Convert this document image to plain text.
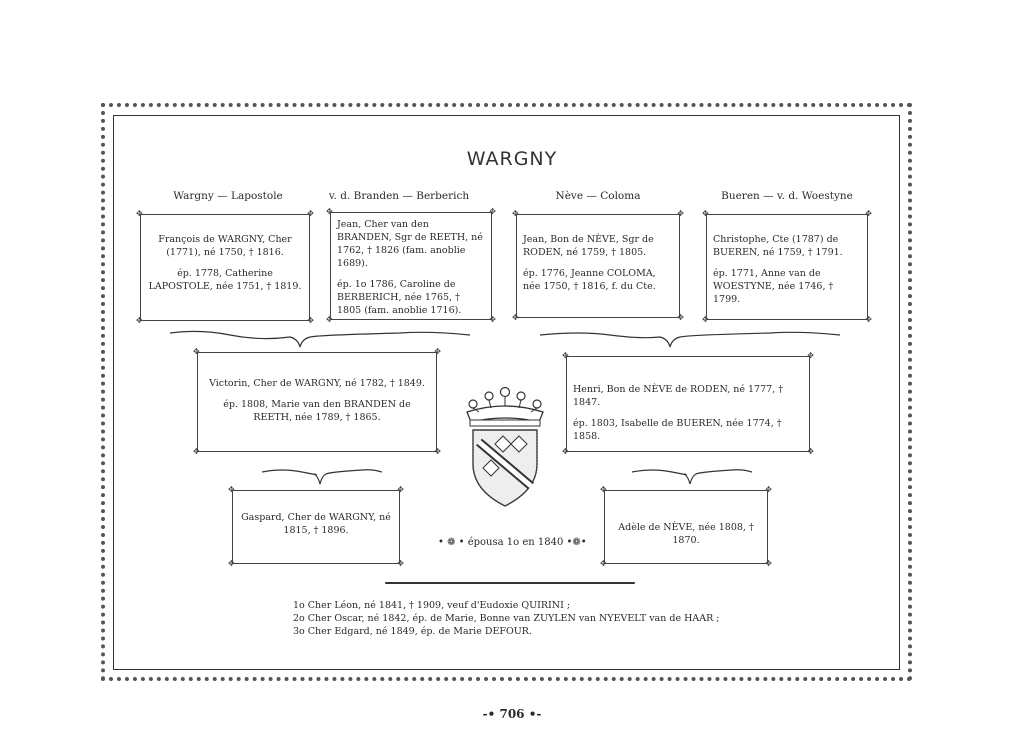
WARGNY
Wargny — Lapostole	v. d. Branden — Berberich	Nève — Coloma	Bueren — v. d. Woestyne
✥	✥
✥	✥

François de WARGNY, Cher (1771), né 1750, † 1816.

ép. 1778, Catherine LAPOSTOLE, née 1751, † 1819.

✥	✥
✥	✥

Jean, Cher van den BRANDEN, Sgr de REETH, né 1762, † 1826 (fam. anoblie 1689).

ép. 1o 1786, Caroline de BERBERICH, née 1765, † 1805 (fam. anoblie 1716).

✥	✥
✥	✥

Jean, Bon de NÈVE, Sgr de RODEN, né 1759, † 1805.

ép. 1776, Jeanne COLOMA, née 1750, † 1816, f. du Cte.

✥	✥
✥	✥

Christophe, Cte (1787) de BUEREN, né 1759, † 1791.

ép. 1771, Anne van de WOESTYNE, née 1746, † 1799.

✥	✥
✥	✥

Victorin, Cher de WARGNY, né 1782, † 1849.

ép. 1808, Marie van den BRANDEN de REETH, née 1789, † 1865.

✥	✥
✥	✥

Henri, Bon de NÈVE de RODEN, né 1777, † 1847.

ép. 1803, Isabelle de BUEREN, née 1774, † 1858.

✥	✥
✥	✥

Gaspard, Cher de WARGNY, né 1815, † 1896.

✥	✥
✥	✥

Adèle de NÈVE, née 1808, † 1870.

• ❁ • épousa 1o en 1840 •❁•
1o Cher Léon, né 1841, † 1909, veuf d'Eudoxie QUIRINI ;
2o Cher Oscar, né 1842, ép. de Marie, Bonne van ZUYLEN van NYEVELT van de HAAR ;
3o Cher Edgard, né 1849, ép. de Marie DEFOUR.
-• 706 •-
